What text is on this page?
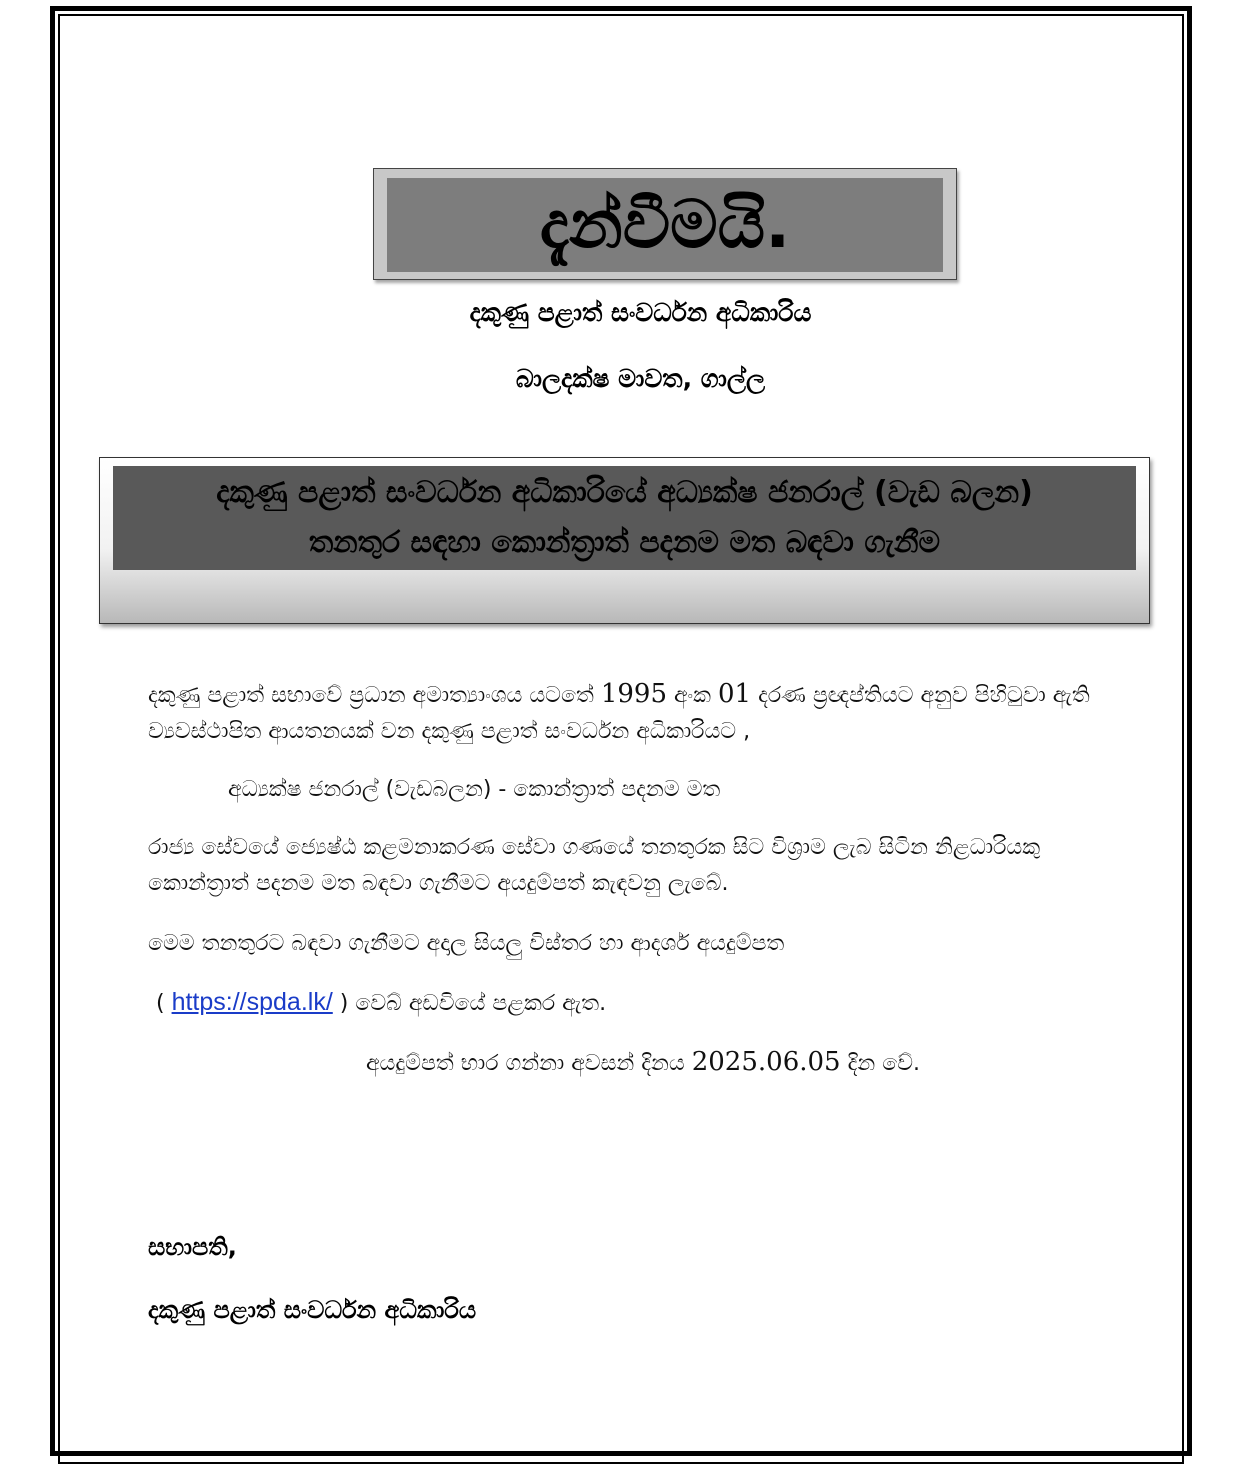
දැන්වීමයි.
දකුණු පළාත් සංවර්ධන අධිකාරිය
බාලදක්ෂ මාවත, ගාල්ල
දකුණු පළාත් සංවර්ධන අධිකාරියේ අධ්‍යක්ෂ ජනරාල් (වැඩ බලන)
තනතුර සඳහා කොන්ත්‍රාත් පදනම මත බඳවා ගැනීම
දකුණු පළාත් සභාවේ ප්‍රධාන අමාත්‍යාංශය යටතේ 1995 අංක 01 දරණ ප්‍රඥප්තියට අනුව පිහිටුවා ඇති ව්‍යවස්ථාපිත ආයතනයක් වන දකුණු පළාත් සංවර්ධන අධිකාරියට ,
අධ්‍යක්ෂ ජනරාල් (වැඩබලන) - කොන්ත්‍රාත් පදනම මත
රාජ්‍ය සේවයේ ජ්‍යෙෂ්ඨ කළමනාකරණ සේවා ගණයේ තනතුරක සිට විශ්‍රාම ලැබ සිටින නිළධාරියකු කොන්ත්‍රාත් පදනම මත බඳවා ගැනීමට අයදුම්පත් කැඳවනු ලැබේ.
මෙම තනතුරට බඳවා ගැනීමට අදාල සියලු විස්තර හා ආදර්ශ අයදුම්පත
( https://spda.lk/ ) වෙබ් අඩවියේ පළකර ඇත.
අයදුම්පත් භාර ගන්නා අවසන් දිනය 2025.06.05 දින වේ.
සභාපති,
දකුණු පළාත් සංවර්ධන අධිකාරිය
